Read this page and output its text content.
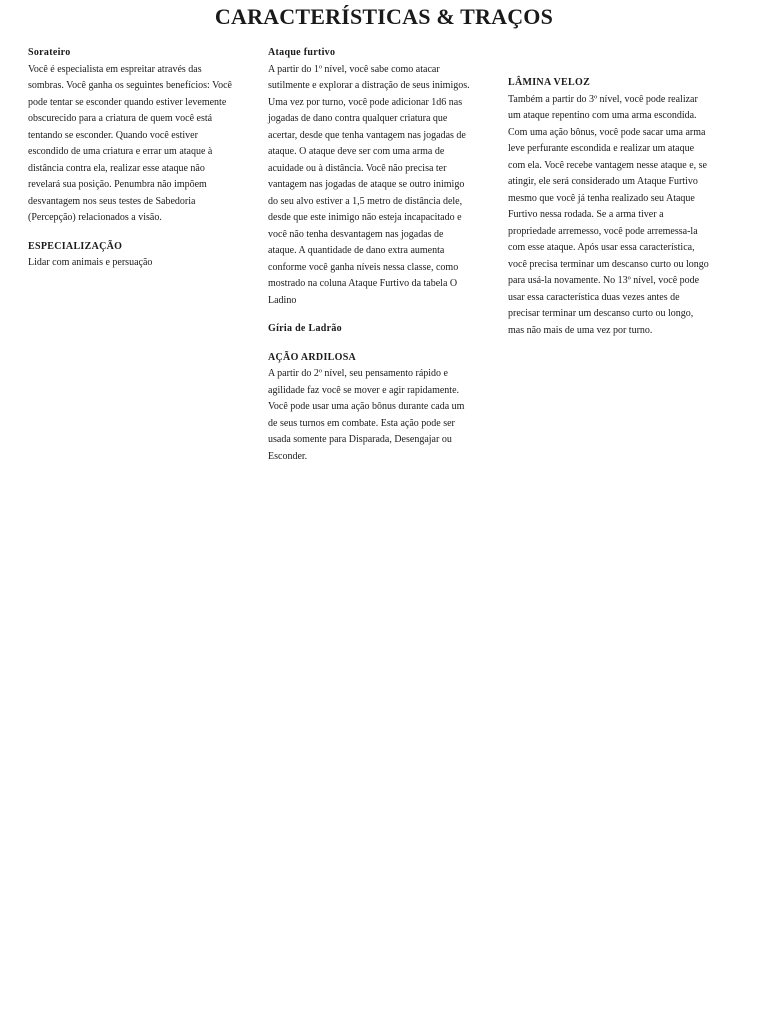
CARACTERÍSTICAS & TRAÇOS
Sorateiro
Você é especialista em espreitar através das
sombras. Você ganha os seguintes benefícios: Você
pode tentar se esconder quando estiver levemente
obscurecido para a criatura de quem você está
tentando se esconder. Quando você estiver
escondido de uma criatura e errar um ataque à
distância contra ela, realizar esse ataque não
revelará sua posição. Penumbra não impõem
desvantagem nos seus testes de Sabedoria
(Percepção) relacionados a visão.
ESPECIALIZAÇÃO
Lidar com animais e persuação
Ataque furtivo
A partir do 1º nível, você sabe como atacar
sutilmente e explorar a distração de seus inimigos.
Uma vez por turno, você pode adicionar 1d6 nas
jogadas de dano contra qualquer criatura que
acertar, desde que tenha vantagem nas jogadas de
ataque. O ataque deve ser com uma arma de
acuidade ou à distância. Você não precisa ter
vantagem nas jogadas de ataque se outro inimigo
do seu alvo estiver a 1,5 metro de distância dele,
desde que este inimigo não esteja incapacitado e
você não tenha desvantagem nas jogadas de
ataque. A quantidade de dano extra aumenta
conforme você ganha níveis nessa classe, como
mostrado na coluna Ataque Furtivo da tabela O
Ladino
Gíria de Ladrão
AÇÃO ARDILOSA
A partir do 2º nível, seu pensamento rápido e
agilidade faz você se mover e agir rapidamente.
Você pode usar uma ação bônus durante cada um
de seus turnos em combate. Esta ação pode ser
usada somente para Disparada, Desengajar ou
Esconder.
LÂMINA VELOZ
Também a partir do 3º nível, você pode realizar
um ataque repentino com uma arma escondida.
Com uma ação bônus, você pode sacar uma arma
leve perfurante escondida e realizar um ataque
com ela. Você recebe vantagem nesse ataque e, se
atingir, ele será considerado um Ataque Furtivo
mesmo que você já tenha realizado seu Ataque
Furtivo nessa rodada. Se a arma tiver a
propriedade arremesso, você pode arremessa-la
com esse ataque. Após usar essa característica,
você precisa terminar um descanso curto ou longo
para usá-la novamente. No 13º nível, você pode
usar essa característica duas vezes antes de
precisar terminar um descanso curto ou longo,
mas não mais de uma vez por turno.
